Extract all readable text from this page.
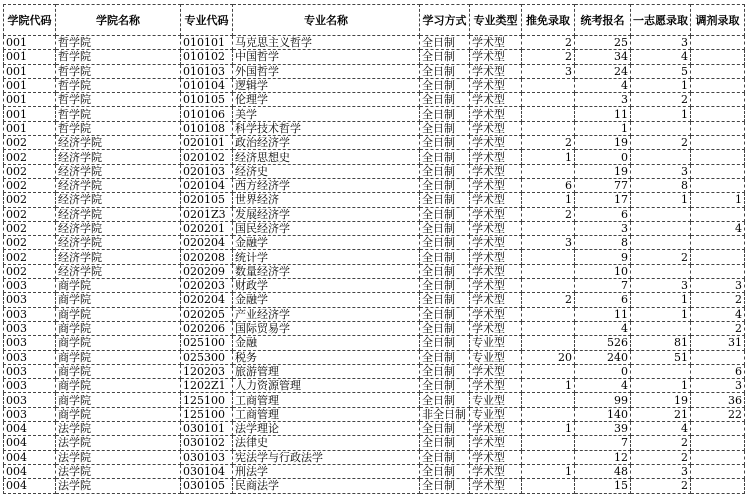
学院代码	学院名称	专业代码	专业名称	学习方式	专业类型	推免录取	统考报名	一志愿录取	调剂录取
001	哲学院	010101	马克思主义哲学	全日制	学术型	2	25	3	
001	哲学院	010102	中国哲学	全日制	学术型	2	34	4	
001	哲学院	010103	外国哲学	全日制	学术型	3	24	5	
001	哲学院	010104	逻辑学	全日制	学术型		4	1	
001	哲学院	010105	伦理学	全日制	学术型		3	2	
001	哲学院	010106	美学	全日制	学术型		11	1	
001	哲学院	010108	科学技术哲学	全日制	学术型		1		
002	经济学院	020101	政治经济学	全日制	学术型	2	19	2	
002	经济学院	020102	经济思想史	全日制	学术型	1	0		
002	经济学院	020103	经济史	全日制	学术型		19	3	
002	经济学院	020104	西方经济学	全日制	学术型	6	77	8	
002	经济学院	020105	世界经济	全日制	学术型	1	17	1	1
002	经济学院	0201Z3	发展经济学	全日制	学术型	2	6		
002	经济学院	020201	国民经济学	全日制	学术型		3		4
002	经济学院	020204	金融学	全日制	学术型	3	8		
002	经济学院	020208	统计学	全日制	学术型		9	2	
002	经济学院	020209	数量经济学	全日制	学术型		10		
003	商学院	020203	财政学	全日制	学术型		7	3	3
003	商学院	020204	金融学	全日制	学术型	2	6	1	2
003	商学院	020205	产业经济学	全日制	学术型		11	1	4
003	商学院	020206	国际贸易学	全日制	学术型		4		2
003	商学院	025100	金融	全日制	专业型		526	81	31
003	商学院	025300	税务	全日制	专业型	20	240	51	
003	商学院	120203	旅游管理	全日制	学术型		0		6
003	商学院	1202Z1	人力资源管理	全日制	学术型	1	4	1	3
003	商学院	125100	工商管理	全日制	专业型		99	19	36
003	商学院	125100	工商管理	非全日制	专业型		140	21	22
004	法学院	030101	法学理论	全日制	学术型	1	39	4	
004	法学院	030102	法律史	全日制	学术型		7	2	
004	法学院	030103	宪法学与行政法学	全日制	学术型		12	2	
004	法学院	030104	刑法学	全日制	学术型	1	48	3	
004	法学院	030105	民商法学	全日制	学术型		15	2	
